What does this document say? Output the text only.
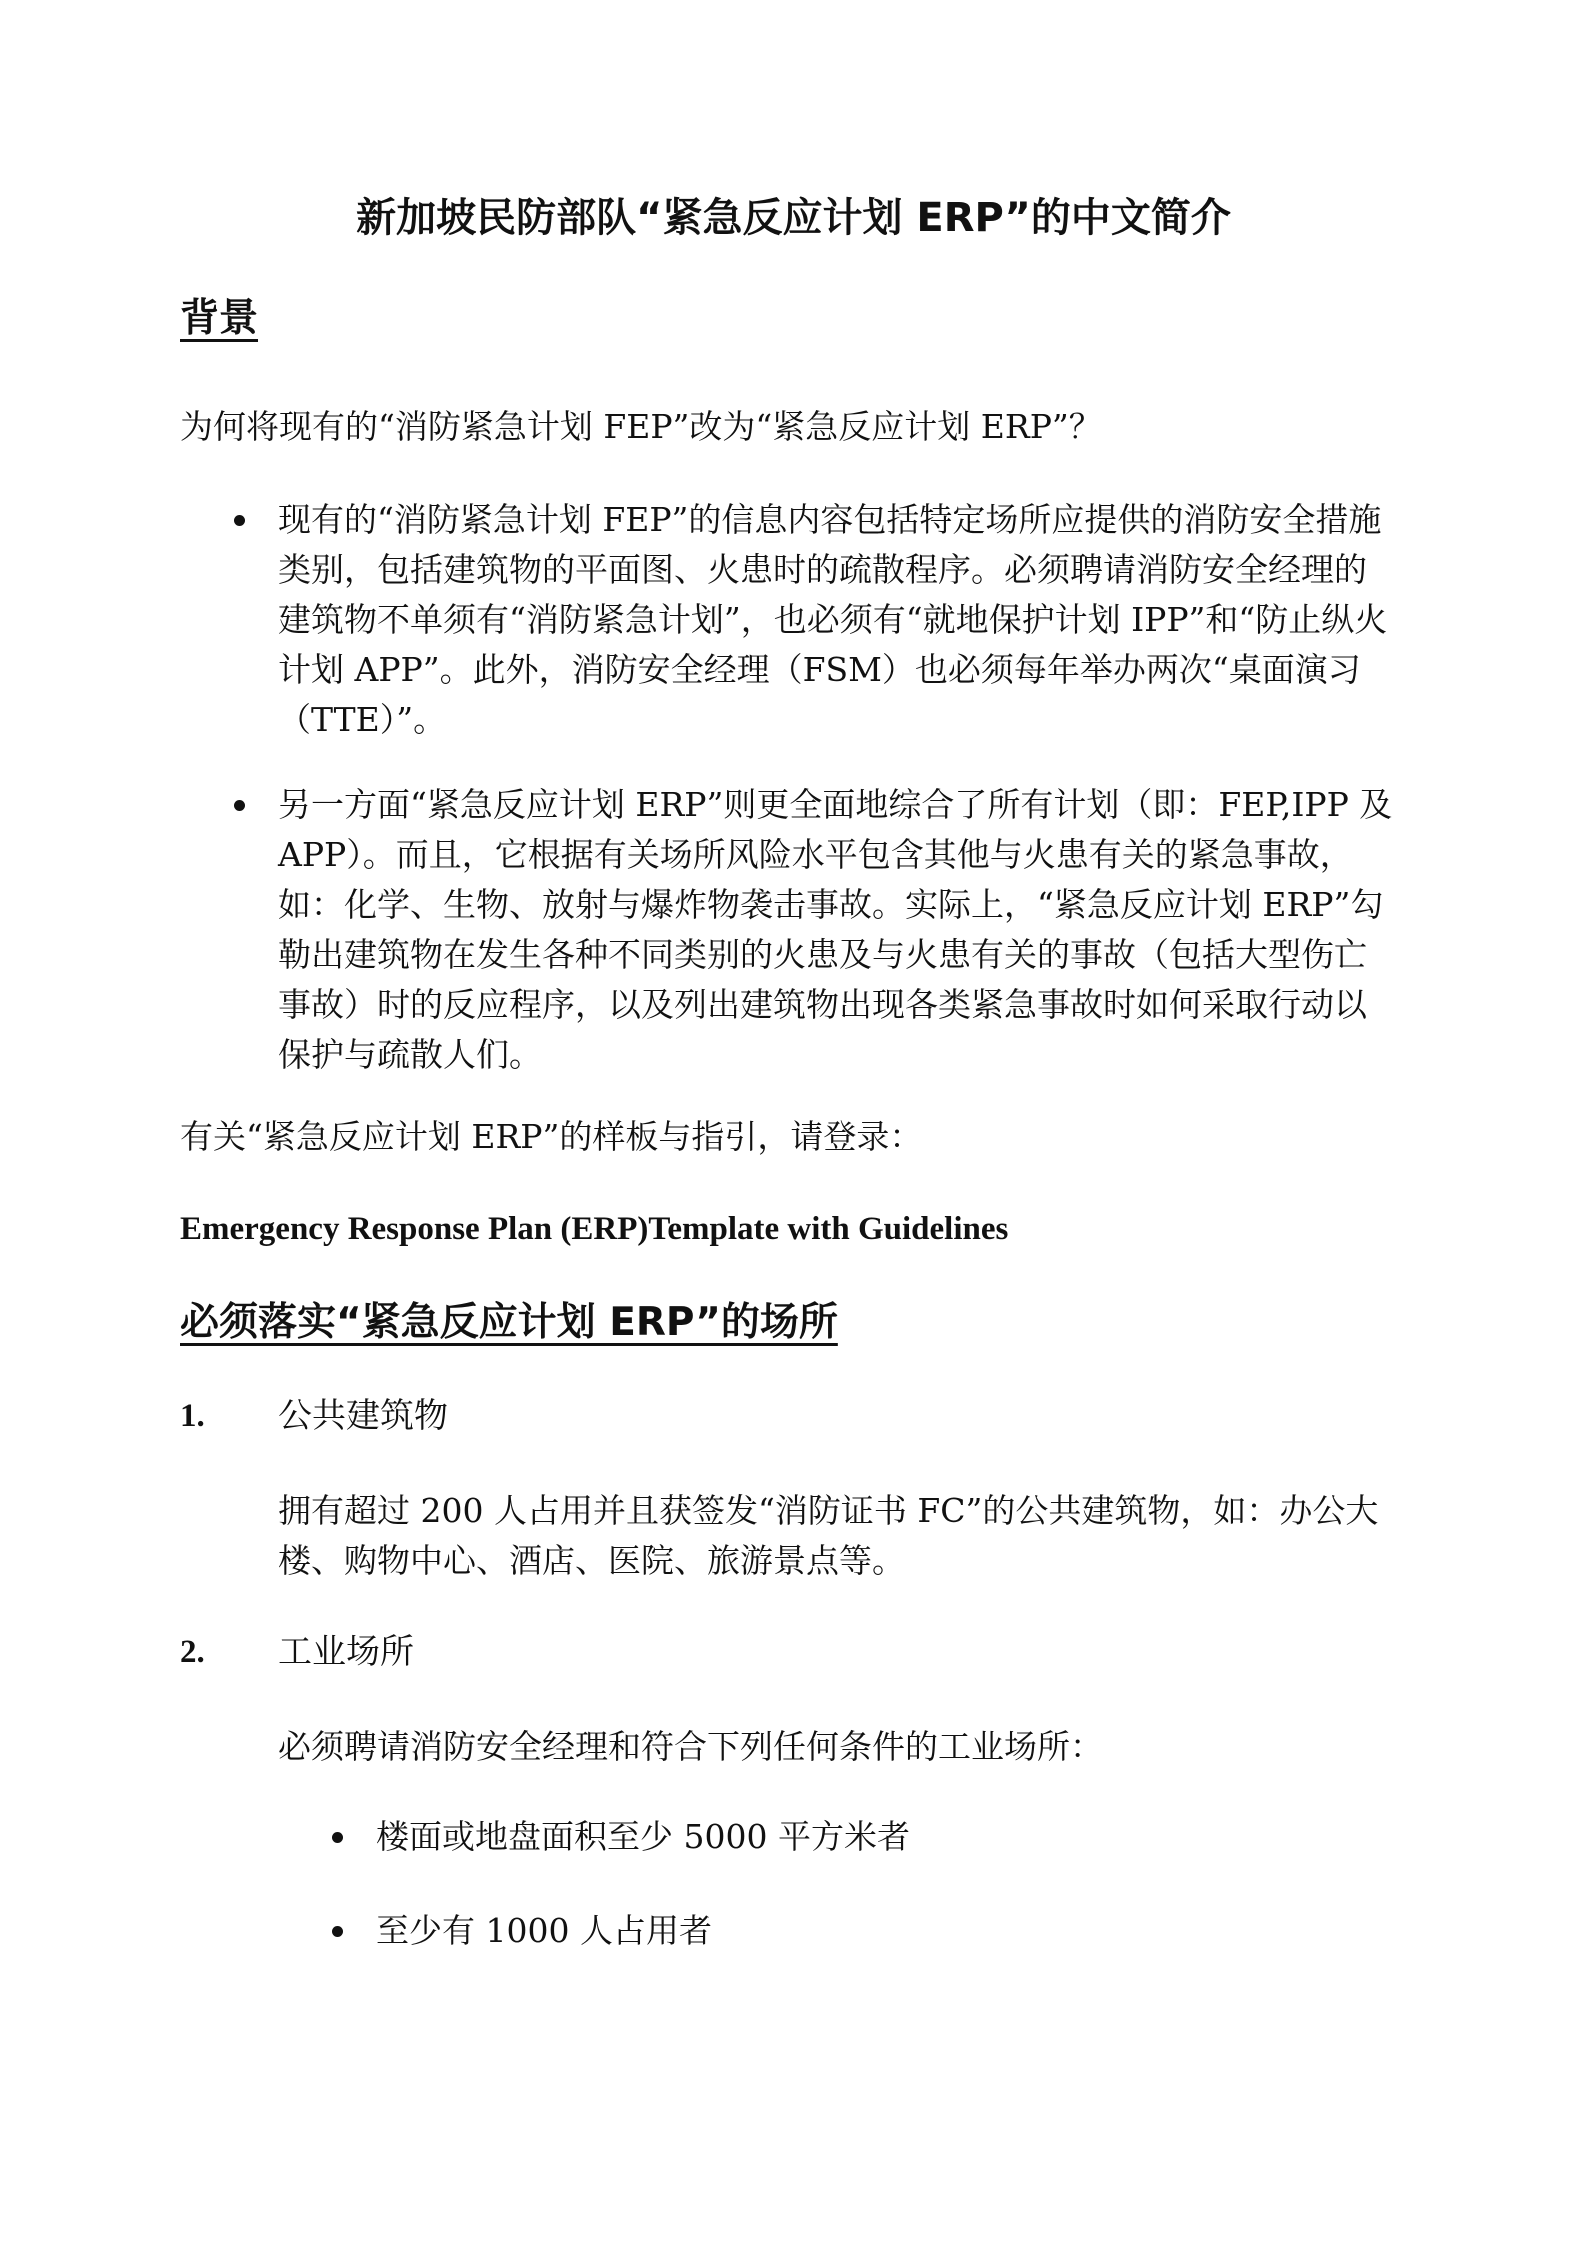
新加坡民防部队“紧急反应计划 ERP”的中文简介
背景
为何将现有的“消防紧急计划 FEP”改为“紧急反应计划 ERP”？
现有的“消防紧急计划 FEP”的信息内容包括特定场所应提供的消防安全措施类别，包括建筑物的平面图、火患时的疏散程序。必须聘请消防安全经理的建筑物不单须有“消防紧急计划”，也必须有“就地保护计划 IPP”和“防止纵火计划 APP”。此外，消防安全经理（FSM）也必须每年举办两次“桌面演习（TTE）”。
另一方面“紧急反应计划 ERP”则更全面地综合了所有计划（即：FEP,IPP 及 APP）。而且，它根据有关场所风险水平包含其他与火患有关的紧急事故，如：化学、生物、放射与爆炸物袭击事故。实际上，“紧急反应计划 ERP”勾勒出建筑物在发生各种不同类别的火患及与火患有关的事故（包括大型伤亡事故）时的反应程序，以及列出建筑物出现各类紧急事故时如何采取行动以保护与疏散人们。
有关“紧急反应计划 ERP”的样板与指引，请登录：
Emergency Response Plan (ERP)Template with Guidelines
必须落实“紧急反应计划 ERP”的场所
1. 公共建筑物
拥有超过 200 人占用并且获签发“消防证书 FC”的公共建筑物，如：办公大楼、购物中心、酒店、医院、旅游景点等。
2. 工业场所
必须聘请消防安全经理和符合下列任何条件的工业场所：
楼面或地盘面积至少 5000 平方米者
至少有 1000 人占用者
